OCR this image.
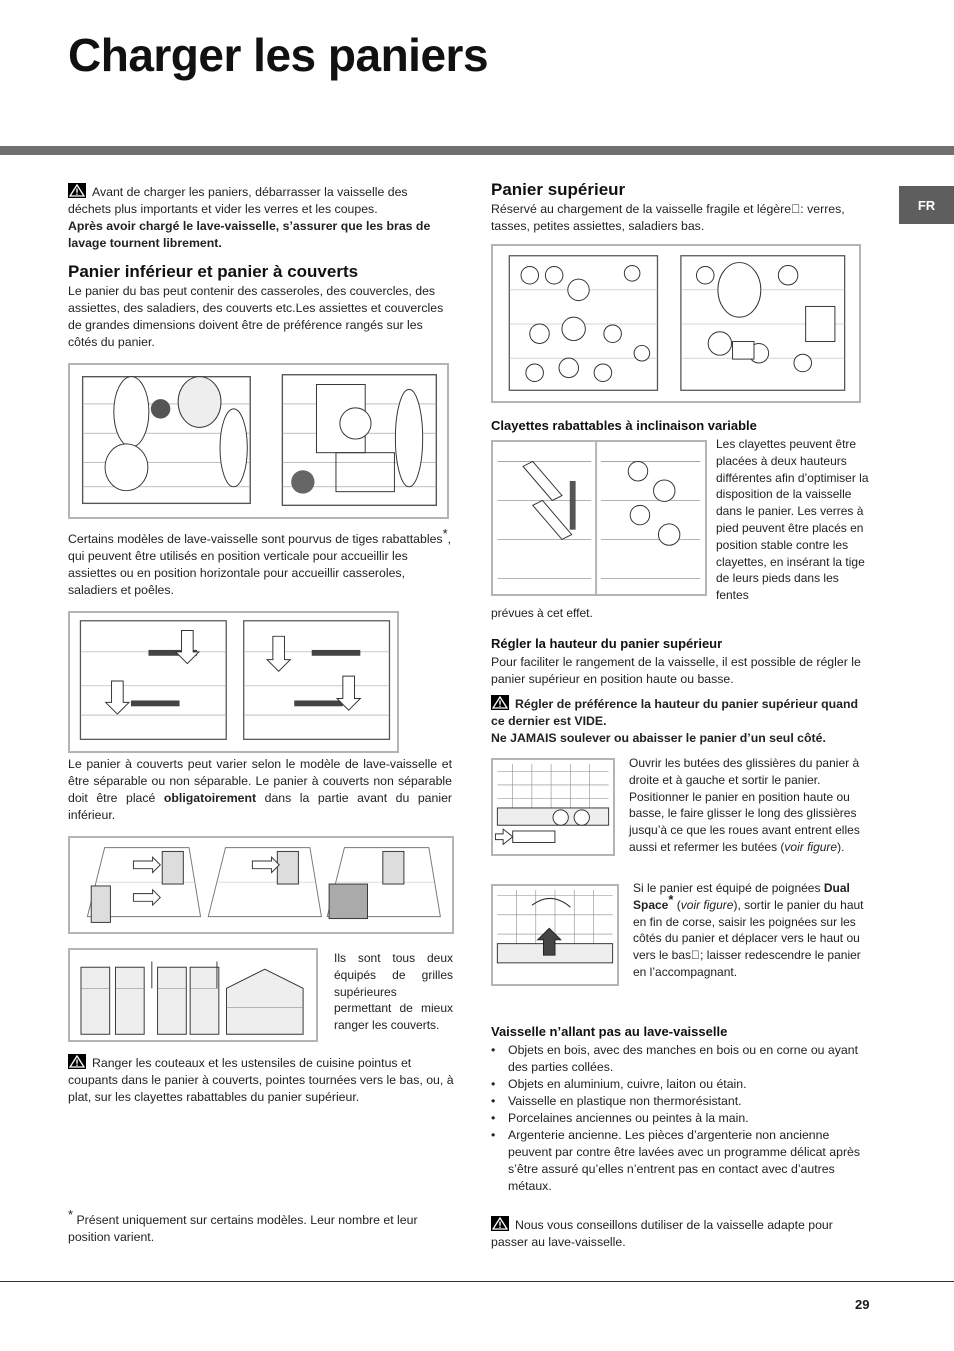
Charger les paniers
FR
Avant de charger les paniers, débarrasser la vaisselle des déchets plus importants et vider les verres et les coupes.
Après avoir chargé le lave-vaisselle, s’assurer que les bras de lavage tournent librement.
Panier inférieur et panier à couverts
Le panier du bas peut contenir des casseroles, des couvercles, des assiettes, des saladiers, des couverts etc.Les assiettes et couvercles de grandes dimensions doivent être de préférence rangés sur les côtés du panier.
Certains modèles de lave-vaisselle sont pourvus de tiges rabattables*, qui peuvent être utilisés en position verticale pour accueillir les assiettes ou en position horizontale pour accueillir casseroles, saladiers et poêles.
Le panier à couverts peut varier selon le modèle de lave-vaisselle et être séparable ou non séparable. Le panier à couverts non séparable doit être placé obligatoirement dans la partie avant du panier inférieur.
Ils sont tous deux équipés de grilles supérieures permettant de mieux ranger les couverts.
Ranger les couteaux et les ustensiles de cuisine pointus et coupants dans le panier à couverts, pointes tournées vers le bas, ou, à plat, sur les clayettes rabattables du panier supérieur.
* Présent uniquement sur certains modèles. Leur nombre et leur position varient.
Panier supérieur
Réservé au chargement de la vaisselle fragile et légère : verres, tasses, petites assiettes, saladiers bas.
Clayettes rabattables à inclinaison variable
Les clayettes peuvent être placées à deux hauteurs différentes afin d’optimiser la disposition de la vaisselle dans le panier. Les verres à pied peuvent être placés en position stable contre les clayettes, en insérant la tige de leurs pieds dans les fentes
prévues à cet effet.
Régler la hauteur du panier supérieur
Pour faciliter le rangement de la vaisselle, il est possible de régler le panier supérieur en position haute ou basse.
Régler de préférence la hauteur du panier supérieur quand ce dernier est VIDE.
Ne JAMAIS soulever ou abaisser le panier d’un seul côté.
Ouvrir les butées des glissières du panier à droite et à gauche et sortir le panier. Positionner le panier en position haute ou basse, le faire glisser le long des glissières jusqu’à ce que les roues avant entrent elles aussi et refermer les butées (voir figure).
Si le panier est équipé de poignées Dual Space* (voir figure), sortir le panier du haut en fin de corse, saisir les poignées sur les côtés du panier et déplacer vers le haut ou vers le bas ; laisser redescendre le panier en l’accompagnant.
Vaisselle n’allant pas au lave-vaisselle
• Objets en bois, avec des manches en bois ou en corne ou ayant des parties collées.
• Objets en aluminium, cuivre, laiton ou étain.
• Vaisselle en plastique non thermorésistant.
• Porcelaines anciennes ou peintes à la main.
• Argenterie ancienne. Les pièces d’argenterie non ancienne peuvent par contre être lavées avec un programme délicat après s’être assuré qu’elles n’entrent pas en contact avec d’autres métaux.
Nous vous conseillons dutiliser de la vaisselle adapte pour passer au lave-vaisselle.
29
